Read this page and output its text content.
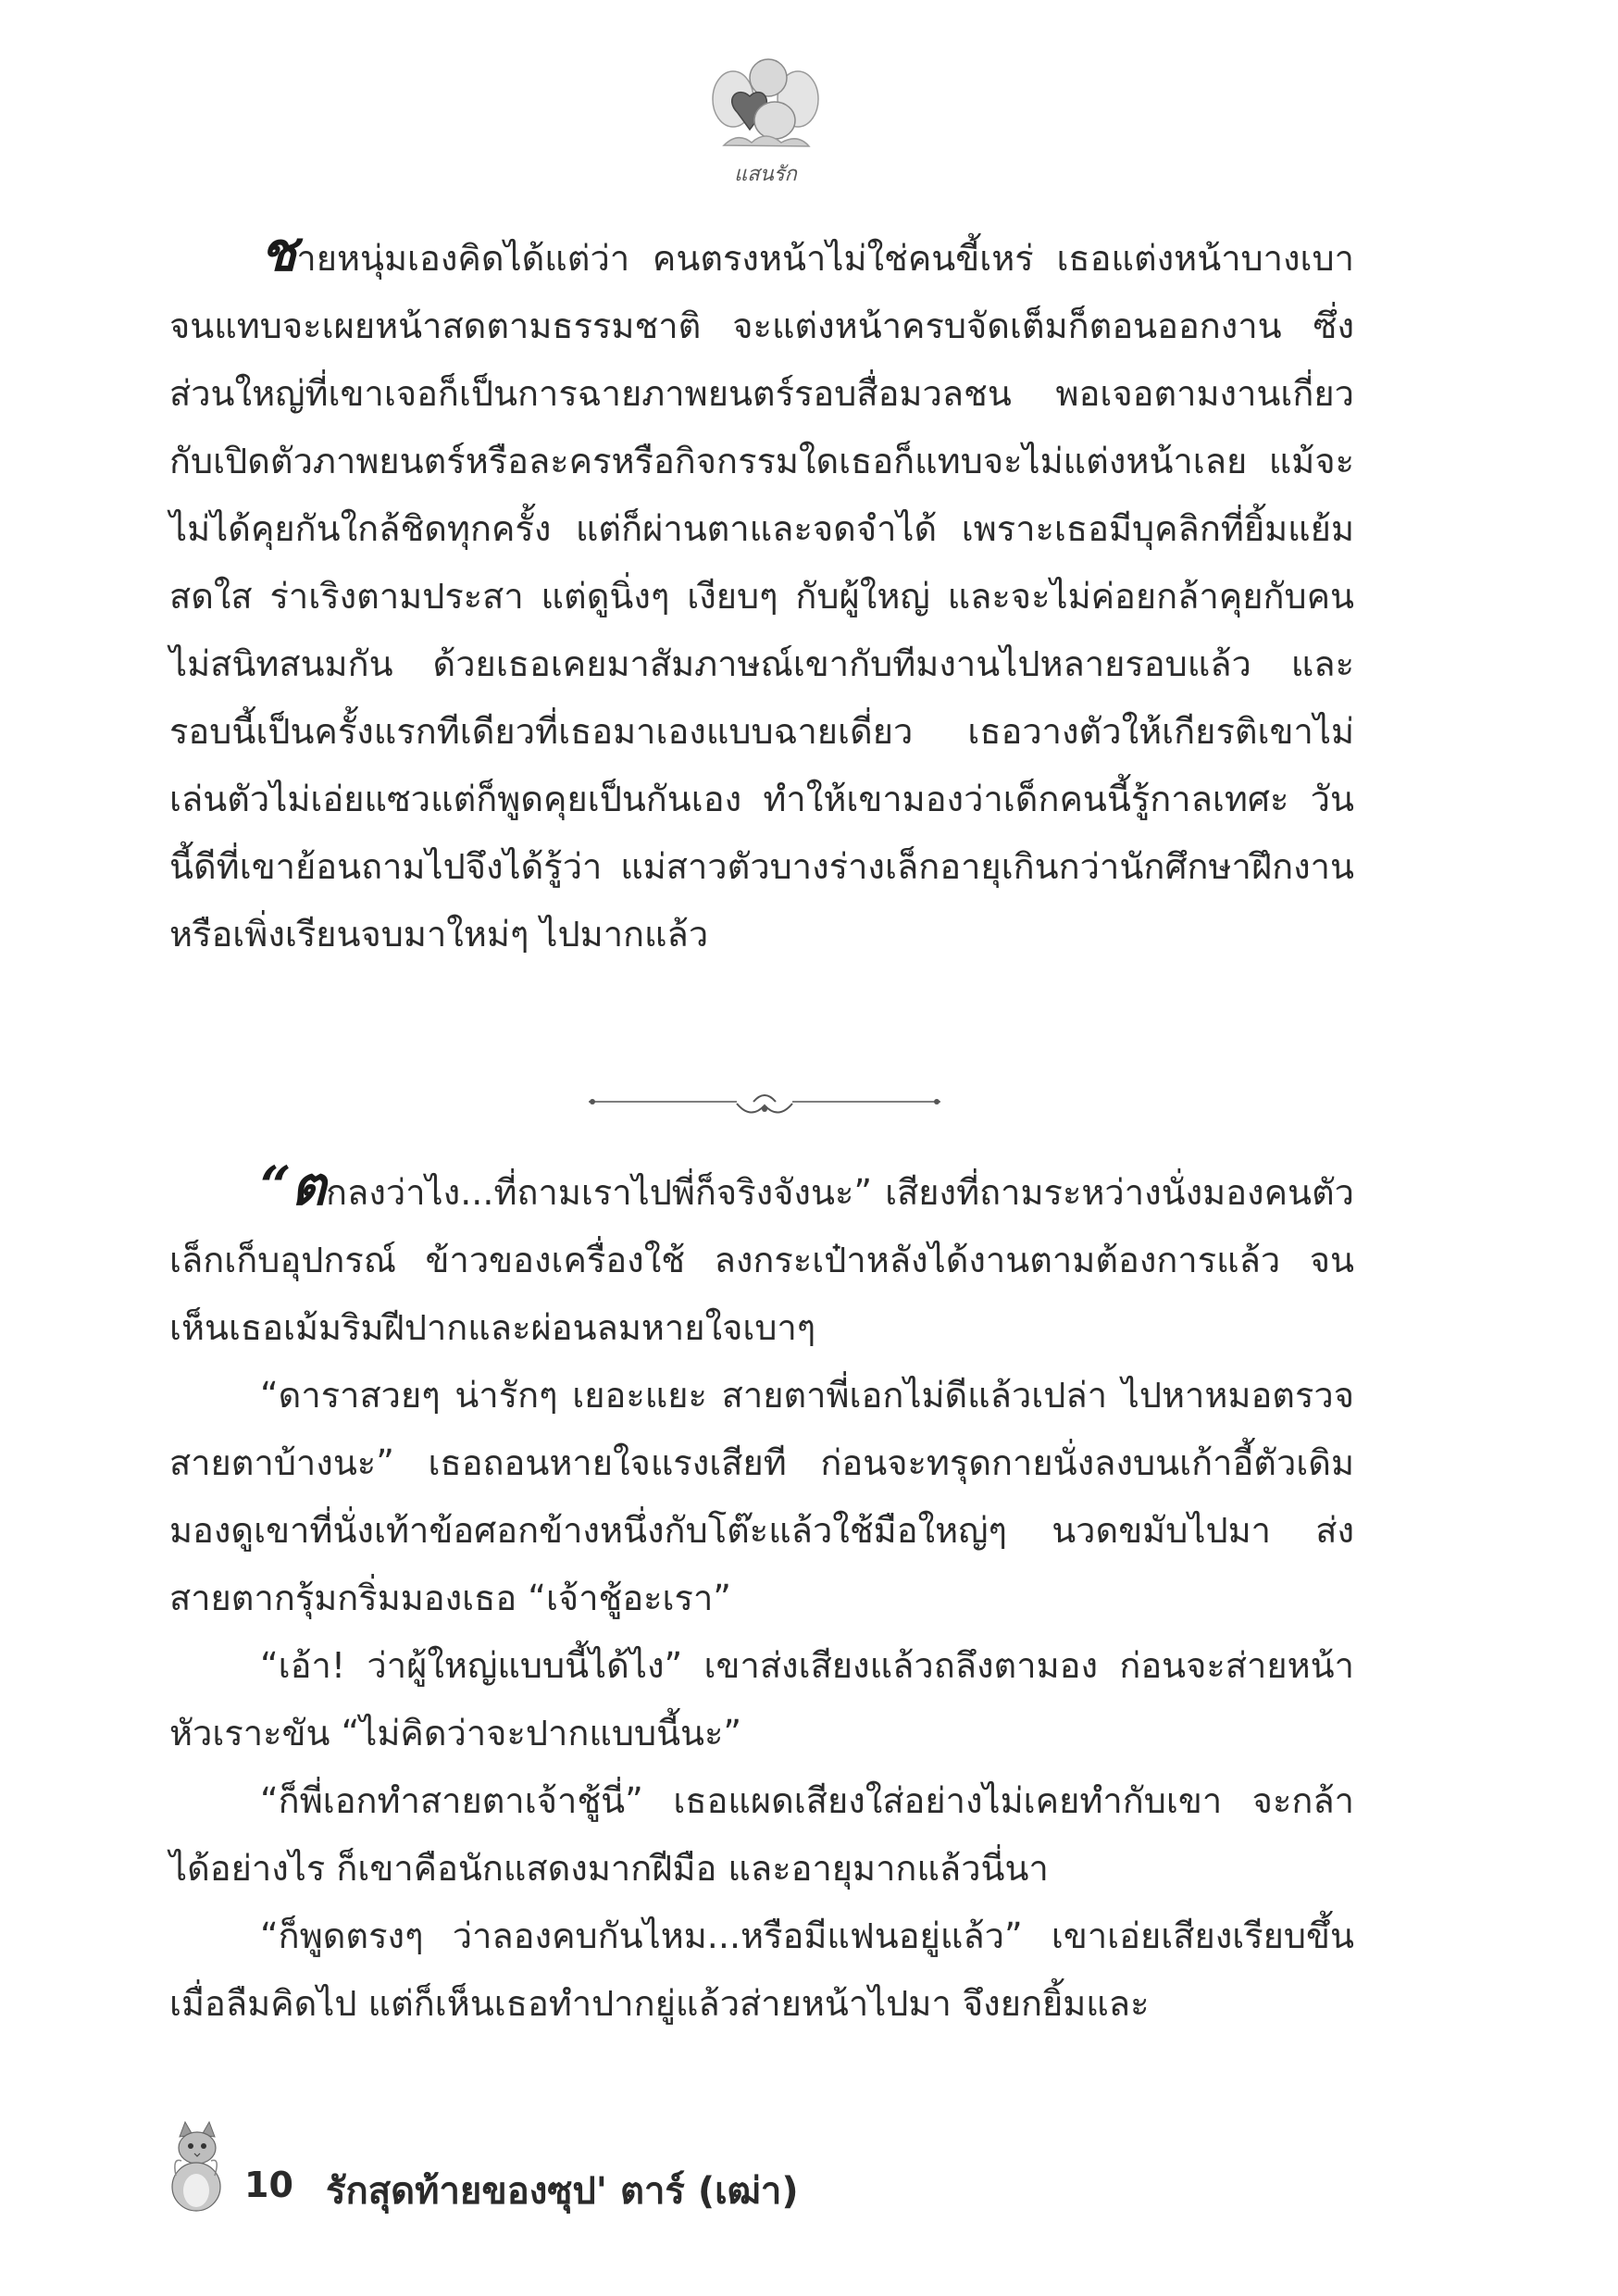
แสนรัก

ชายหนุ่มเองคิดได้แต่ว่า คนตรงหน้าไม่ใช่คนขี้เหร่ เธอแต่งหน้าบางเบาจนแทบจะเผยหน้าสดตามธรรมชาติ จะแต่งหน้าครบจัดเต็มก็ตอนออกงาน ซึ่งส่วนใหญ่ที่เขาเจอก็เป็นการฉายภาพยนตร์รอบสื่อมวลชน พอเจอตามงานเกี่ยวกับเปิดตัวภาพยนตร์หรือละครหรือกิจกรรมใดเธอก็แทบจะไม่แต่งหน้าเลย แม้จะไม่ได้คุยกันใกล้ชิดทุกครั้ง แต่ก็ผ่านตาและจดจำได้ เพราะเธอมีบุคลิกที่ยิ้มแย้มสดใส ร่าเริงตามประสา แต่ดูนิ่งๆ เงียบๆ กับผู้ใหญ่ และจะไม่ค่อยกล้าคุยกับคนไม่สนิทสนมกัน ด้วยเธอเคยมาสัมภาษณ์เขากับทีมงานไปหลายรอบแล้ว และรอบนี้เป็นครั้งแรกทีเดียวที่เธอมาเองแบบฉายเดี่ยว เธอวางตัวให้เกียรติเขาไม่เล่นตัวไม่เอ่ยแซวแต่ก็พูดคุยเป็นกันเอง ทำให้เขามองว่าเด็กคนนี้รู้กาลเทศะ วันนี้ดีที่เขาย้อนถามไปจึงได้รู้ว่า แม่สาวตัวบางร่างเล็กอายุเกินกว่านักศึกษาฝึกงานหรือเพิ่งเรียนจบมาใหม่ๆ ไปมากแล้ว

“ตกลงว่าไง...ที่ถามเราไปพี่ก็จริงจังนะ” เสียงที่ถามระหว่างนั่งมองคนตัวเล็กเก็บอุปกรณ์ ข้าวของเครื่องใช้ ลงกระเป๋าหลังได้งานตามต้องการแล้ว จนเห็นเธอเม้มริมฝีปากและผ่อนลมหายใจเบาๆ

“ดาราสวยๆ น่ารักๆ เยอะแยะ สายตาพี่เอกไม่ดีแล้วเปล่า ไปหาหมอตรวจสายตาบ้างนะ” เธอถอนหายใจแรงเสียที ก่อนจะทรุดกายนั่งลงบนเก้าอี้ตัวเดิม มองดูเขาที่นั่งเท้าข้อศอกข้างหนึ่งกับโต๊ะแล้วใช้มือใหญ่ๆ นวดขมับไปมา ส่งสายตากรุ้มกริ่มมองเธอ “เจ้าชู้อะเรา”

“เอ้า! ว่าผู้ใหญ่แบบนี้ได้ไง” เขาส่งเสียงแล้วถลึงตามอง ก่อนจะส่ายหน้าหัวเราะขัน “ไม่คิดว่าจะปากแบบนี้นะ”

“ก็พี่เอกทำสายตาเจ้าชู้นี่” เธอแผดเสียงใส่อย่างไม่เคยทำกับเขา จะกล้าได้อย่างไร ก็เขาคือนักแสดงมากฝีมือ และอายุมากแล้วนี่นา

“ก็พูดตรงๆ ว่าลองคบกันไหม...หรือมีแฟนอยู่แล้ว” เขาเอ่ยเสียงเรียบขึ้นเมื่อลืมคิดไป แต่ก็เห็นเธอทำปากยู่แล้วส่ายหน้าไปมา จึงยกยิ้มและ

10 รักสุดท้ายของซุป' ตาร์ (เฒ่า)
